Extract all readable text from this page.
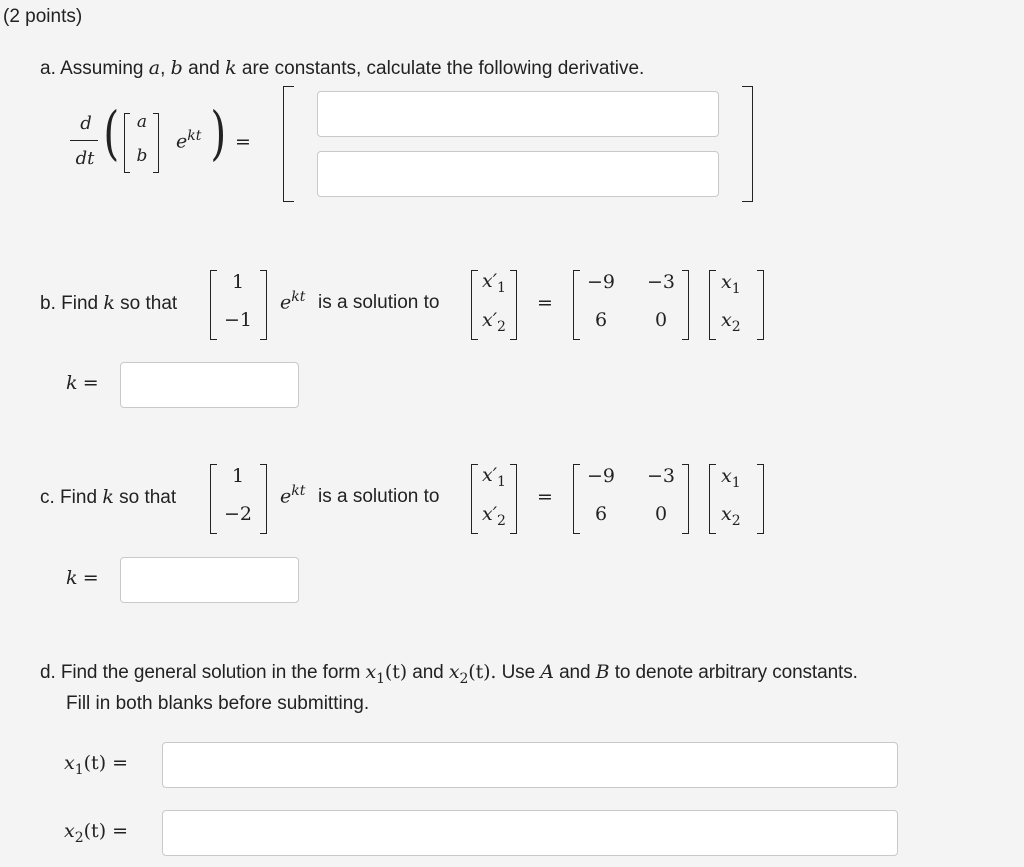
(2 points)
a. Assuming a, b and k are constants, calculate the following derivative.
d
dt (	a
b
$e^{kt}$ ) =
b. Find k so that
1
−1
$e^{kt}$ is a solution to
$x'_1$
$x'_2$
=
−9	−3
6	0
$x_1$
$x_2$
k =
c. Find k so that
1
−2
$e^{kt}$ is a solution to
$x'_1$
$x'_2$
=
−9	−3
6	0
$x_1$
$x_2$
k =
d. Find the general solution in the form $x_1(t)$ and $x_2(t)$. Use A and B to denote arbitrary constants.
Fill in both blanks before submitting.
$x_1(t)$ =
$x_2(t)$ =
